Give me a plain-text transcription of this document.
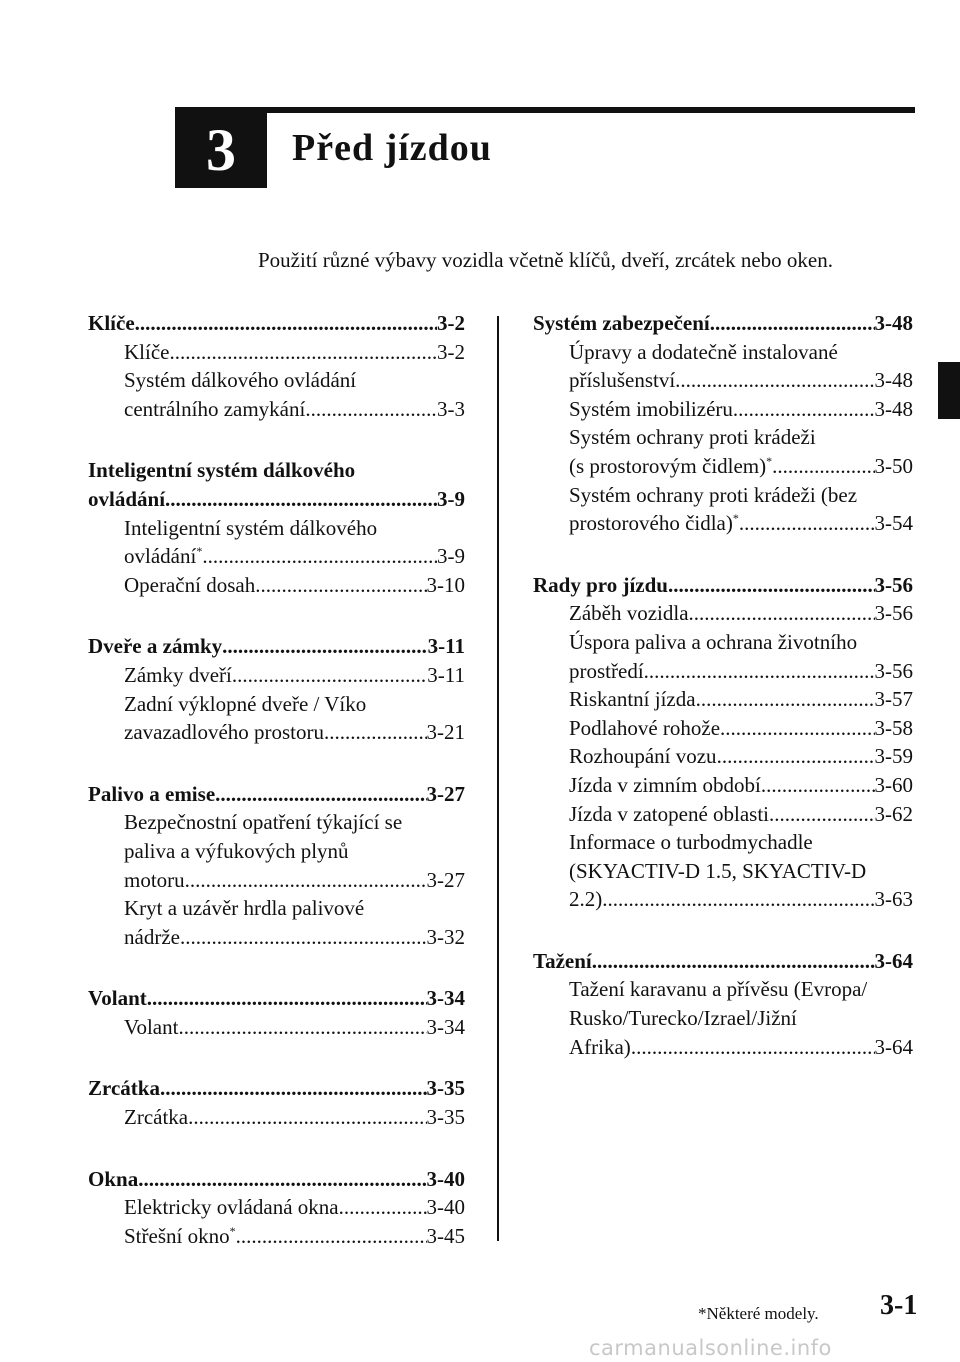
3	Před jízdou
Použití různé výbavy vozidla včetně klíčů, dveří, zrcátek nebo oken.
Klíče .....	3-2
Klíče .....	3-2
Systém dálkového ovládání
centrálního zamykání .....	3-3
Inteligentní systém dálkového
ovládání .....	3-9
Inteligentní systém dálkového
ovládání* .....	3-9
Operační dosah .....	3-10
Dveře a zámky .....	3-11
Zámky dveří .....	3-11
Zadní výklopné dveře / Víko
zavazadlového prostoru .....	3-21
Palivo a emise .....	3-27
Bezpečnostní opatření týkající se
paliva a výfukových plynů
motoru .....	3-27
Kryt a uzávěr hrdla palivové
nádrže .....	3-32
Volant .....	3-34
Volant .....	3-34
Zrcátka .....	3-35
Zrcátka .....	3-35
Okna .....	3-40
Elektricky ovládaná okna .....	3-40
Střešní okno* .....	3-45
Systém zabezpečení .....	3-48
Úpravy a dodatečně instalované
příslušenství .....	3-48
Systém imobilizéru .....	3-48
Systém ochrany proti krádeži
(s prostorovým čidlem)* .....	3-50
Systém ochrany proti krádeži (bez
prostorového čidla)* .....	3-54
Rady pro jízdu .....	3-56
Záběh vozidla .....	3-56
Úspora paliva a ochrana životního
prostředí .....	3-56
Riskantní jízda .....	3-57
Podlahové rohože .....	3-58
Rozhoupání vozu .....	3-59
Jízda v zimním období .....	3-60
Jízda v zatopené oblasti .....	3-62
Informace o turbodmychadle
(SKYACTIV-D 1.5, SKYACTIV-D
2.2) .....	3-63
Tažení .....	3-64
Tažení karavanu a přívěsu (Evropa/
Rusko/Turecko/Izrael/Jižní
Afrika) .....	3-64
*Některé modely. 3-1
carmanualsonline.info
